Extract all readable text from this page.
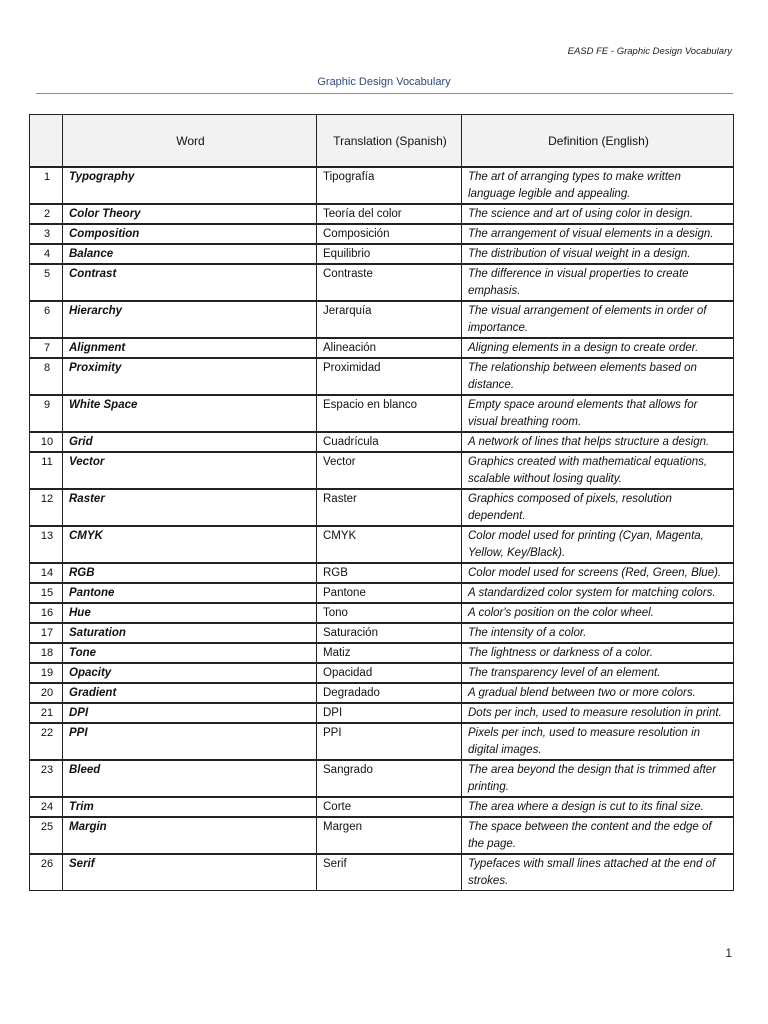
EASD FE - Graphic Design Vocabulary
Graphic Design Vocabulary
	Word	Translation (Spanish)	Definition (English)
1	Typography	Tipografía	The art of arranging types to make written language legible and appealing.
2	Color Theory	Teoría del color	The science and art of using color in design.
3	Composition	Composición	The arrangement of visual elements in a design.
4	Balance	Equilibrio	The distribution of visual weight in a design.
5	Contrast	Contraste	The difference in visual properties to create emphasis.
6	Hierarchy	Jerarquía	The visual arrangement of elements in order of importance.
7	Alignment	Alineación	Aligning elements in a design to create order.
8	Proximity	Proximidad	The relationship between elements based on distance.
9	White Space	Espacio en blanco	Empty space around elements that allows for visual breathing room.
10	Grid	Cuadrícula	A network of lines that helps structure a design.
11	Vector	Vector	Graphics created with mathematical equations, scalable without losing quality.
12	Raster	Raster	Graphics composed of pixels, resolution dependent.
13	CMYK	CMYK	Color model used for printing (Cyan, Magenta, Yellow, Key/Black).
14	RGB	RGB	Color model used for screens (Red, Green, Blue).
15	Pantone	Pantone	A standardized color system for matching colors.
16	Hue	Tono	A color's position on the color wheel.
17	Saturation	Saturación	The intensity of a color.
18	Tone	Matiz	The lightness or darkness of a color.
19	Opacity	Opacidad	The transparency level of an element.
20	Gradient	Degradado	A gradual blend between two or more colors.
21	DPI	DPI	Dots per inch, used to measure resolution in print.
22	PPI	PPI	Pixels per inch, used to measure resolution in digital images.
23	Bleed	Sangrado	The area beyond the design that is trimmed after printing.
24	Trim	Corte	The area where a design is cut to its final size.
25	Margin	Margen	The space between the content and the edge of the page.
26	Serif	Serif	Typefaces with small lines attached at the end of strokes.
1
